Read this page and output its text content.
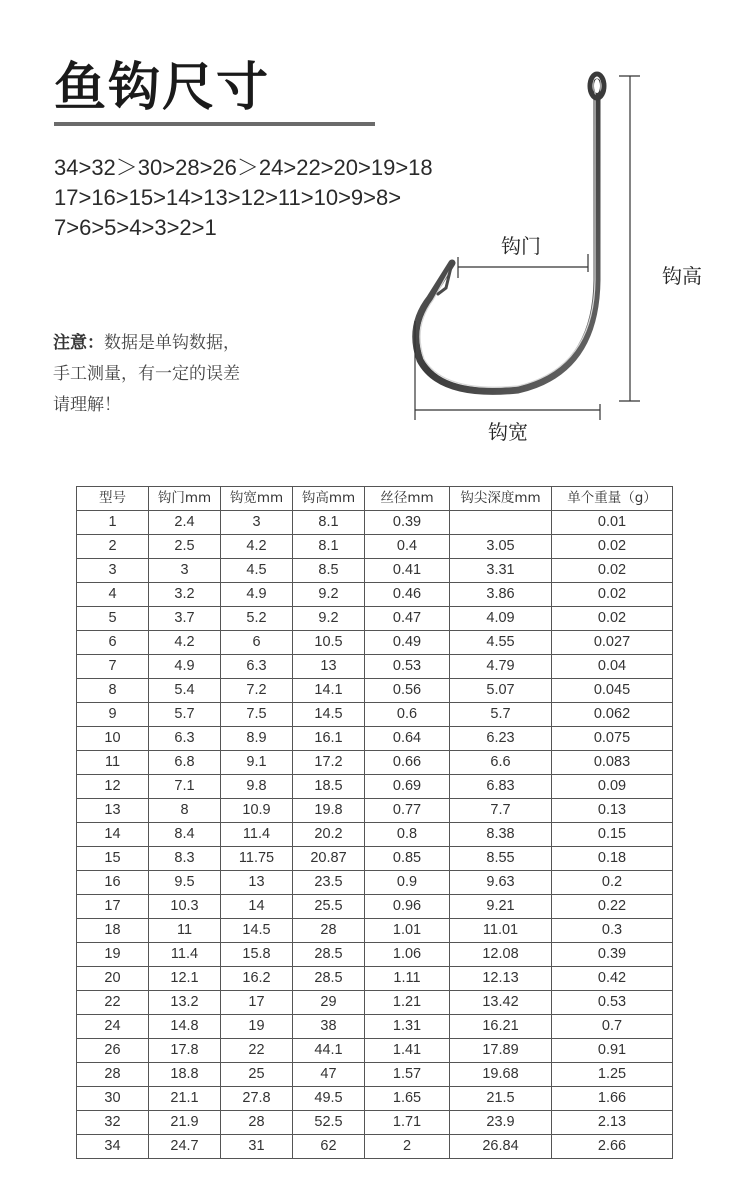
鱼钩尺寸
34>32＞30>28>26＞24>22>20>19>18
17>16>15>14>13>12>11>10>9>8>
7>6>5>4>3>2>1
注意：数据是单钩数据，
手工测量，有一定的误差
请理解！
钩门
钩高
钩宽
型号	钩门mm	钩宽mm	钩高mm	丝径mm	钩尖深度mm	单个重量（g）
1	2.4	3	8.1	0.39		0.01
2	2.5	4.2	8.1	0.4	3.05	0.02
3	3	4.5	8.5	0.41	3.31	0.02
4	3.2	4.9	9.2	0.46	3.86	0.02
5	3.7	5.2	9.2	0.47	4.09	0.02
6	4.2	6	10.5	0.49	4.55	0.027
7	4.9	6.3	13	0.53	4.79	0.04
8	5.4	7.2	14.1	0.56	5.07	0.045
9	5.7	7.5	14.5	0.6	5.7	0.062
10	6.3	8.9	16.1	0.64	6.23	0.075
11	6.8	9.1	17.2	0.66	6.6	0.083
12	7.1	9.8	18.5	0.69	6.83	0.09
13	8	10.9	19.8	0.77	7.7	0.13
14	8.4	11.4	20.2	0.8	8.38	0.15
15	8.3	11.75	20.87	0.85	8.55	0.18
16	9.5	13	23.5	0.9	9.63	0.2
17	10.3	14	25.5	0.96	9.21	0.22
18	11	14.5	28	1.01	11.01	0.3
19	11.4	15.8	28.5	1.06	12.08	0.39
20	12.1	16.2	28.5	1.11	12.13	0.42
22	13.2	17	29	1.21	13.42	0.53
24	14.8	19	38	1.31	16.21	0.7
26	17.8	22	44.1	1.41	17.89	0.91
28	18.8	25	47	1.57	19.68	1.25
30	21.1	27.8	49.5	1.65	21.5	1.66
32	21.9	28	52.5	1.71	23.9	2.13
34	24.7	31	62	2	26.84	2.66
